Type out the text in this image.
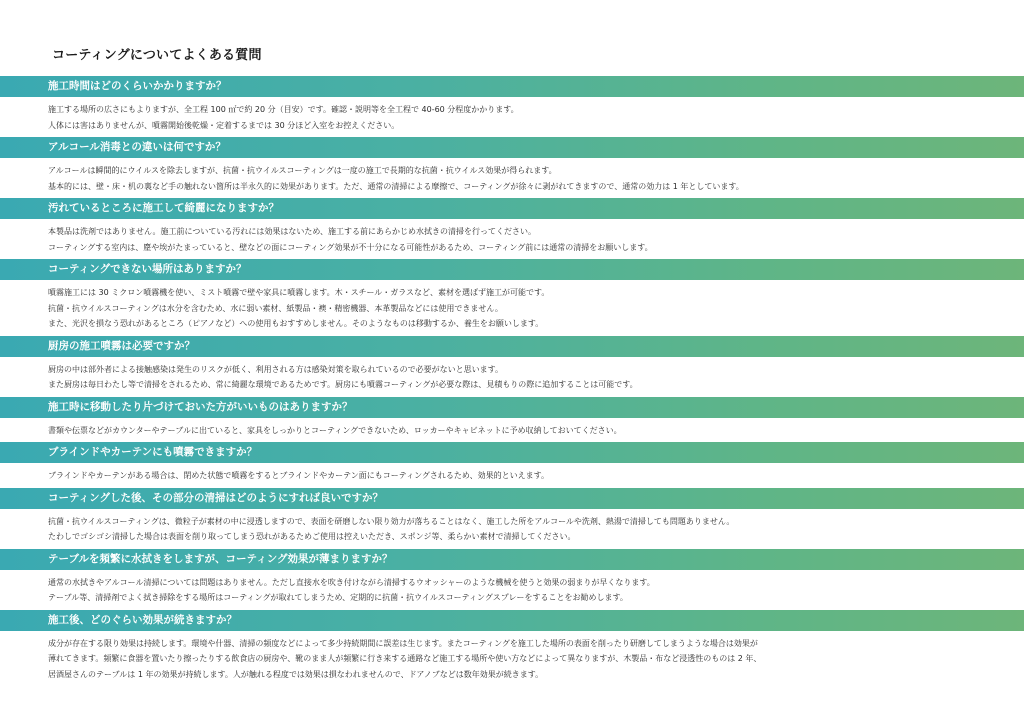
コーティングについてよくある質問
施工時間はどのくらいかかりますか？
施工する場所の広さにもよりますが、全工程 100 ㎡で約 20 分（目安）です。確認・説明等を全工程で 40-60 分程度かかります。
人体には害はありませんが、噴霧開始後乾燥・定着するまでは 30 分ほど入室をお控えください。
アルコール消毒との違いは何ですか？
アルコールは瞬間的にウイルスを除去しますが、抗菌・抗ウイルスコーティングは一度の施工で長期的な抗菌・抗ウイルス効果が得られます。
基本的には、壁・床・机の裏など手の触れない箇所は半永久的に効果があります。ただ、通常の清掃による摩擦で、コーティングが徐々に剥がれてきますので、通常の効力は 1 年としています。
汚れているところに施工して綺麗になりますか？
本製品は洗剤ではありません。施工前についている汚れには効果はないため、施工する前にあらかじめ水拭きの清掃を行ってください。
コーティングする室内は、塵や埃がたまっていると、壁などの面にコーティング効果が不十分になる可能性があるため、コーティング前には通常の清掃をお願いします。
コーティングできない場所はありますか？
噴霧施工には 30 ミクロン噴霧機を使い、ミスト噴霧で壁や家具に噴霧します。木・スチール・ガラスなど、素材を選ばず施工が可能です。
抗菌・抗ウイルスコーティングは水分を含むため、水に弱い素材、紙製品・襖・精密機器、本革製品などには使用できません。
また、光沢を損なう恐れがあるところ（ピアノなど）への使用もおすすめしません。そのようなものは移動するか、養生をお願いします。
厨房の施工噴霧は必要ですか？
厨房の中は部外者による接触感染は発生のリスクが低く、利用される方は感染対策を取られているので必要がないと思います。
また厨房は毎日わたし等で清掃をされるため、常に綺麗な環境であるためです。厨房にも噴霧コーティングが必要な際は、見積もりの際に追加することは可能です。
施工時に移動したり片づけておいた方がいいものはありますか？
書類や伝票などがカウンターやテーブルに出ていると、家具をしっかりとコーティングできないため、ロッカーやキャビネットに予め収納しておいてください。
ブラインドやカーテンにも噴霧できますか？
ブラインドやカーテンがある場合は、閉めた状態で噴霧をするとブラインドやカーテン面にもコーティングされるため、効果的といえます。
コーティングした後、その部分の清掃はどのようにすれば良いですか？
抗菌・抗ウイルスコーティングは、微粒子が素材の中に浸透しますので、表面を研磨しない限り効力が落ちることはなく、施工した所をアルコールや洗剤、熱湯で清掃しても問題ありません。
たわしでゴシゴシ清掃した場合は表面を削り取ってしまう恐れがあるためご使用は控えいただき、スポンジ等、柔らかい素材で清掃してください。
テーブルを頻繁に水拭きをしますが、コーティング効果が薄まりますか？
通常の水拭きやアルコール清掃については問題はありません。ただし直接水を吹き付けながら清掃するウオッシャーのような機械を使うと効果の弱まりが早くなります。
テーブル等、清掃剤でよく拭き掃除をする場所はコーティングが取れてしまうため、定期的に抗菌・抗ウイルスコーティングスプレーをすることをお勧めします。
施工後、どのぐらい効果が続きますか？
成分が存在する限り効果は持続します。環境や什器、清掃の頻度などによって多少持続期間に誤差は生じます。またコーティングを施工した場所の表面を削ったり研磨してしまうような場合は効果が
薄れてきます。頻繁に食器を置いたり擦ったりする飲食店の厨房や、靴のまま人が頻繁に行き来する通路など施工する場所や使い方などによって異なりますが、木製品・布など浸透性のものは 2 年、
居酒屋さんのテーブルは 1 年の効果が持続します。人が触れる程度では効果は損なわれませんので、ドアノブなどは数年効果が続きます。
